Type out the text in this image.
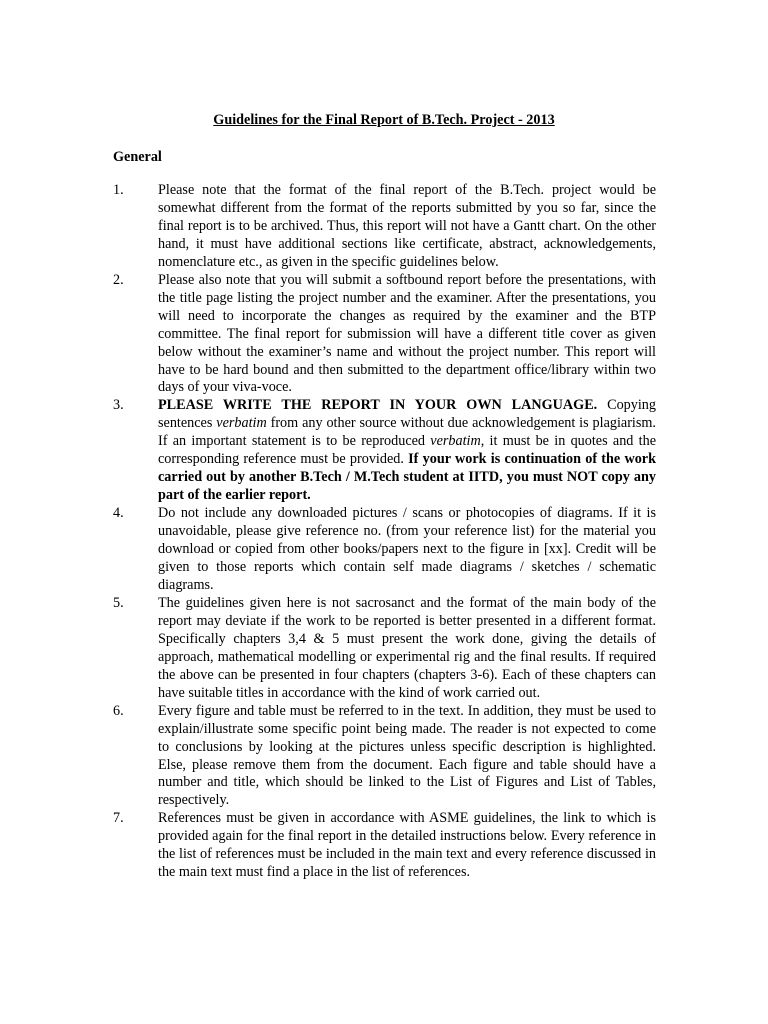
Guidelines for the Final Report of B.Tech. Project - 2013
General
1.	Please note that the format of the final report of the B.Tech. project would be somewhat different from the format of the reports submitted by you so far, since the final report is to be archived. Thus, this report will not have a Gantt chart. On the other hand, it must have additional sections like certificate, abstract, acknowledgements, nomenclature etc., as given in the specific guidelines below.
2.	Please also note that you will submit a softbound report before the presentations, with the title page listing the project number and the examiner. After the presentations, you will need to incorporate the changes as required by the examiner and the BTP committee. The final report for submission will have a different title cover as given below without the examiner’s name and without the project number. This report will have to be hard bound and then submitted to the department office/library within two days of your viva-voce.
3.	PLEASE WRITE THE REPORT IN YOUR OWN LANGUAGE. Copying sentences verbatim from any other source without due acknowledgement is plagiarism. If an important statement is to be reproduced verbatim, it must be in quotes and the corresponding reference must be provided. If your work is continuation of the work carried out by another B.Tech / M.Tech student at IITD, you must NOT copy any part of the earlier report.
4.	Do not include any downloaded pictures / scans or photocopies of diagrams. If it is unavoidable, please give reference no. (from your reference list) for the material you download or copied from other books/papers next to the figure in [xx]. Credit will be given to those reports which contain self made diagrams / sketches / schematic diagrams.
5.	The guidelines given here is not sacrosanct and the format of the main body of the report may deviate if the work to be reported is better presented in a different format. Specifically chapters 3,4 & 5 must present the work done, giving the details of approach, mathematical modelling or experimental rig and the final results. If required the above can be presented in four chapters (chapters 3-6). Each of these chapters can have suitable titles in accordance with the kind of work carried out.
6.	Every figure and table must be referred to in the text. In addition, they must be used to explain/illustrate some specific point being made. The reader is not expected to come to conclusions by looking at the pictures unless specific description is highlighted. Else, please remove them from the document. Each figure and table should have a number and title, which should be linked to the List of Figures and List of Tables, respectively.
7.	References must be given in accordance with ASME guidelines, the link to which is provided again for the final report in the detailed instructions below. Every reference in the list of references must be included in the main text and every reference discussed in the main text must find a place in the list of references.
